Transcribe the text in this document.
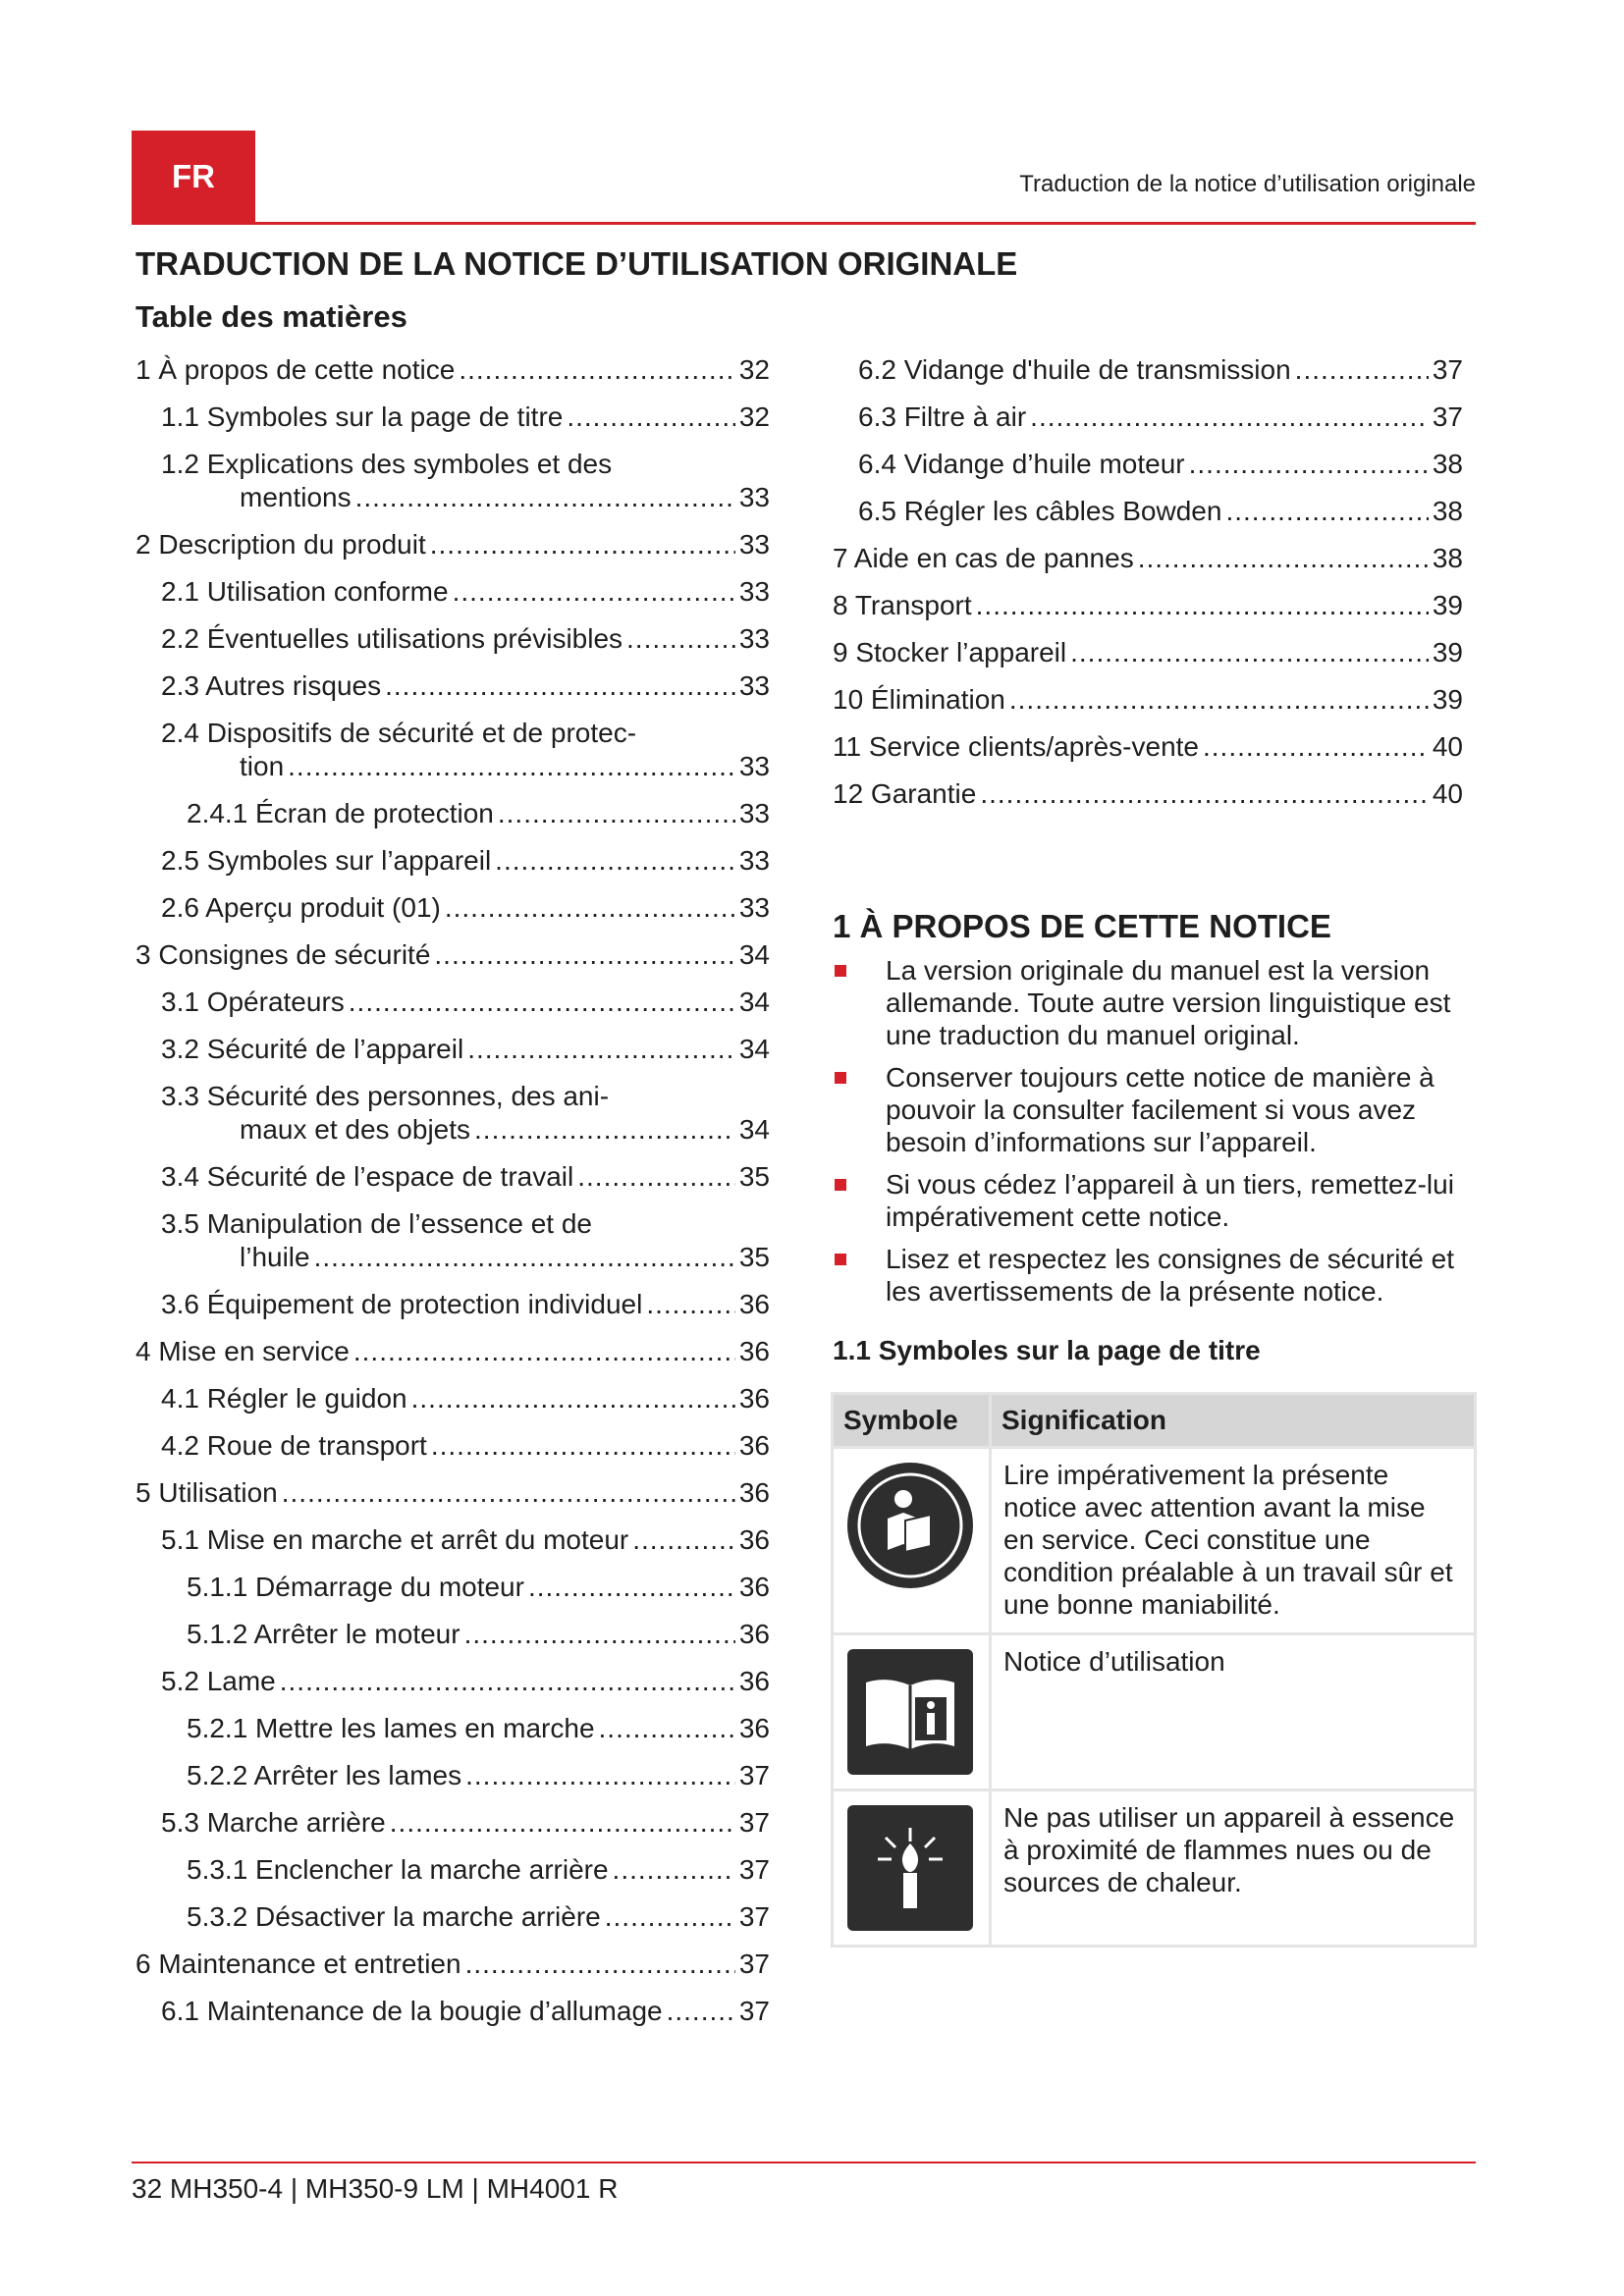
FR	Traduction de la notice d’utilisation originale
TRADUCTION DE LA NOTICE D’UTILISATION ORIGINALE
Table des matières
1 À propos de cette notice .....	32
1.1 Symboles sur la page de titre .....	32
1.2 Explications des symboles et des
mentions .....	33
2 Description du produit .....	33
2.1 Utilisation conforme .....	33
2.2 Éventuelles utilisations prévisibles .....	33
2.3 Autres risques .....	33
2.4 Dispositifs de sécurité et de protec-
tion .....	33
2.4.1 Écran de protection .....	33
2.5 Symboles sur l’appareil .....	33
2.6 Aperçu produit (01) .....	33
3 Consignes de sécurité .....	34
3.1 Opérateurs .....	34
3.2 Sécurité de l’appareil .....	34
3.3 Sécurité des personnes, des ani-
maux et des objets .....	34
3.4 Sécurité de l’espace de travail .....	35
3.5 Manipulation de l’essence et de
l’huile .....	35
3.6 Équipement de protection individuel .....	36
4 Mise en service .....	36
4.1 Régler le guidon .....	36
4.2 Roue de transport .....	36
5 Utilisation .....	36
5.1 Mise en marche et arrêt du moteur .....	36
5.1.1 Démarrage du moteur .....	36
5.1.2 Arrêter le moteur .....	36
5.2 Lame .....	36
5.2.1 Mettre les lames en marche .....	36
5.2.2 Arrêter les lames .....	37
5.3 Marche arrière .....	37
5.3.1 Enclencher la marche arrière .....	37
5.3.2 Désactiver la marche arrière .....	37
6 Maintenance et entretien .....	37
6.1 Maintenance de la bougie d’allumage .....	37
6.2 Vidange d'huile de transmission .....	37
6.3 Filtre à air .....	37
6.4 Vidange d’huile moteur .....	38
6.5 Régler les câbles Bowden .....	38
7 Aide en cas de pannes .....	38
8 Transport .....	39
9 Stocker l’appareil .....	39
10 Élimination .....	39
11 Service clients/après-vente .....	40
12 Garantie .....	40
1 À PROPOS DE CETTE NOTICE
La version originale du manuel est la version allemande. Toute autre version linguistique est une traduction du manuel original.
Conserver toujours cette notice de manière à pouvoir la consulter facilement si vous avez besoin d’informations sur l’appareil.
Si vous cédez l’appareil à un tiers, remettez-lui impérativement cette notice.
Lisez et respectez les consignes de sécurité et les avertissements de la présente notice.
1.1 Symboles sur la page de titre
Symbole	Signification

	Lire impérativement la présente notice avec attention avant la mise en service. Ceci constitue une condition préalable à un travail sûr et une bonne maniabilité.

	Notice d’utilisation

	Ne pas utiliser un appareil à essence à proximité de flammes nues ou de sources de chaleur.
32 MH350-4 | MH350-9 LM | MH4001 R
